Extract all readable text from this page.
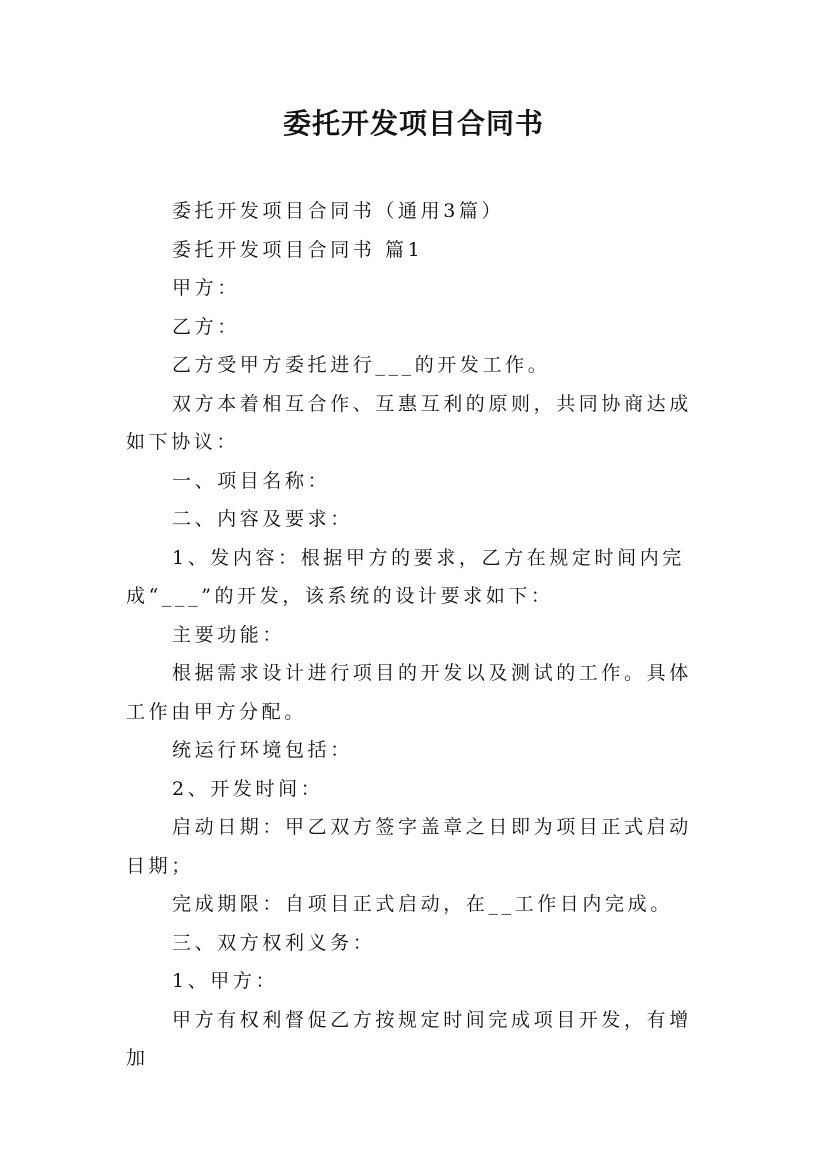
委托开发项目合同书

委托开发项目合同书（通用3篇）

委托开发项目合同书 篇1

甲方：

乙方：

乙方受甲方委托进行___的开发工作。

双方本着相互合作、互惠互利的原则，共同协商达成如下协议：

一、项目名称：

二、内容及要求：

1、发内容：根据甲方的要求，乙方在规定时间内完成“___”的开发，该系统的设计要求如下：

主要功能：

根据需求设计进行项目的开发以及测试的工作。具体工作由甲方分配。

统运行环境包括：

2、开发时间：

启动日期：甲乙双方签字盖章之日即为项目正式启动日期；

完成期限：自项目正式启动，在__工作日内完成。

三、双方权利义务：

1、甲方：

甲方有权利督促乙方按规定时间完成项目开发，有增加
